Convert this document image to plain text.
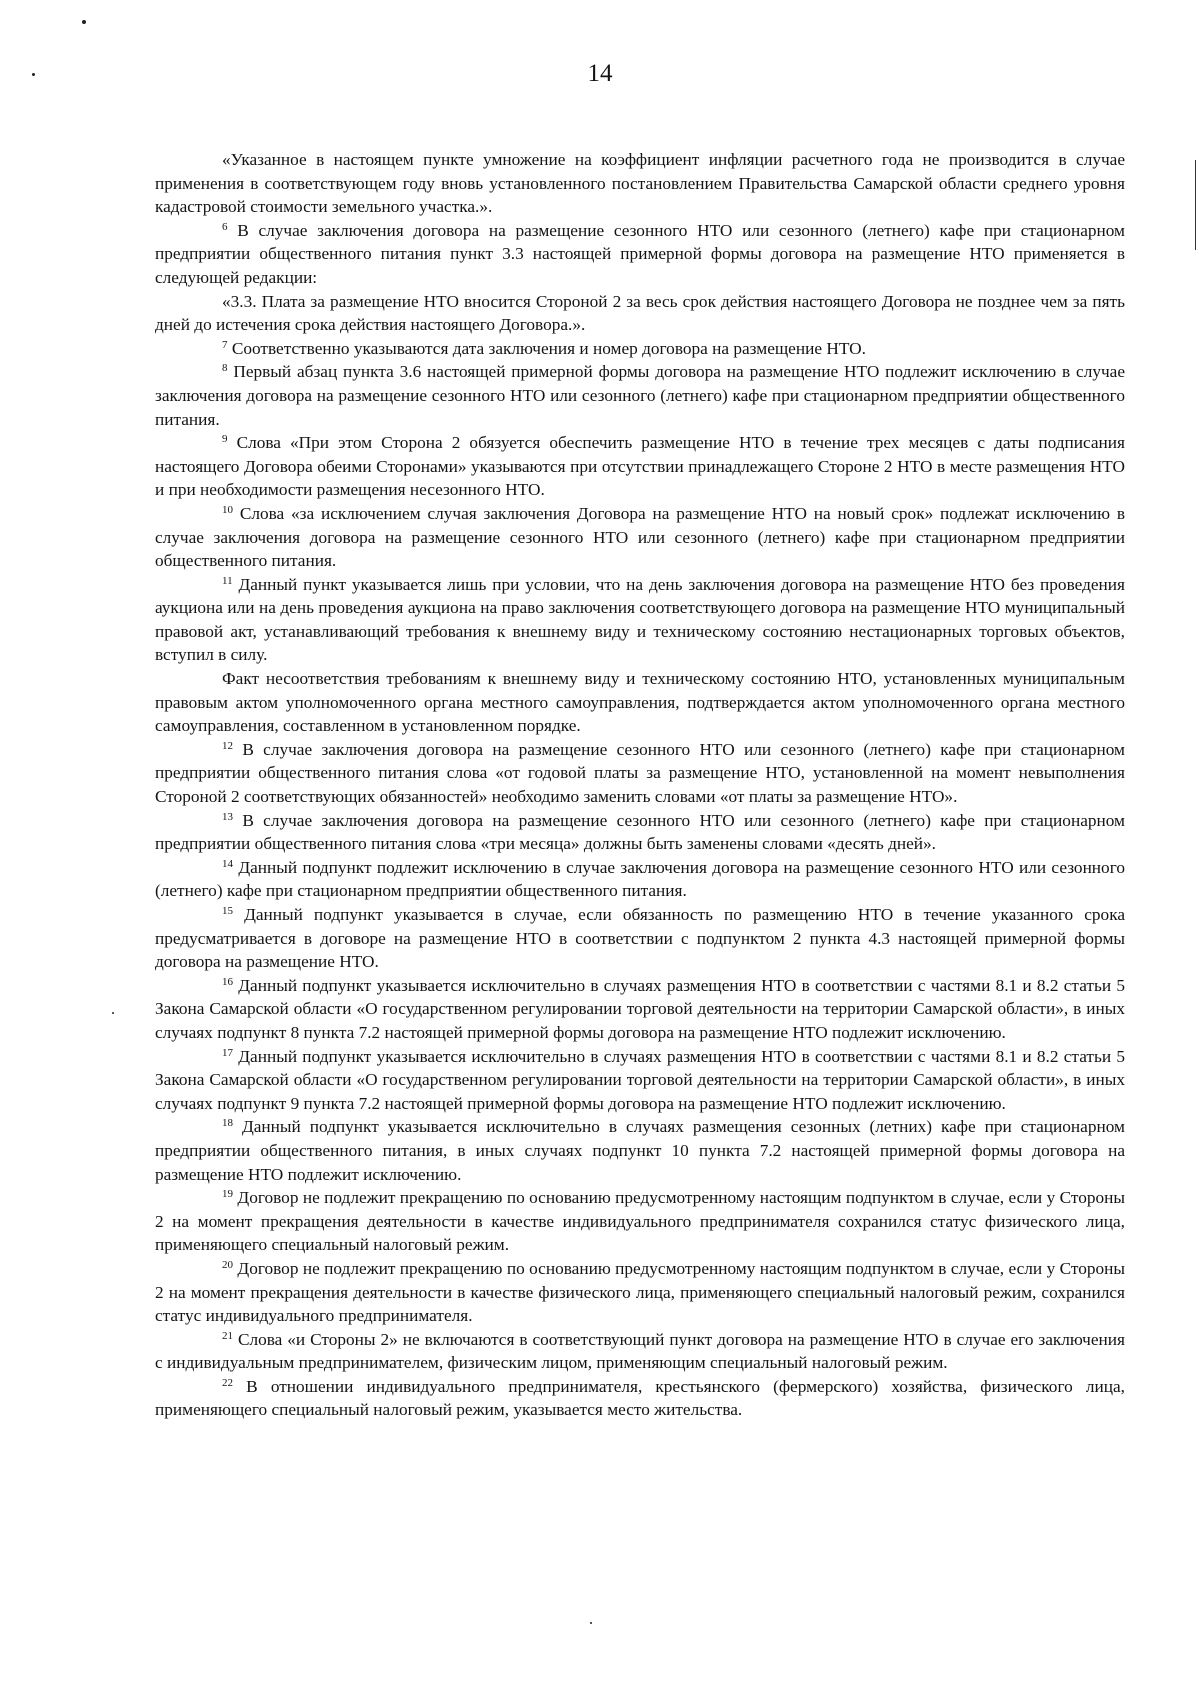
14

«Указанное в настоящем пункте умножение на коэффициент инфляции расчетного года не производится в случае применения в соответствующем году вновь установленного постановлением Правительства Самарской области среднего уровня кадастровой стоимости земельного участка.».

$^6$ В случае заключения договора на размещение сезонного НТО или сезонного (летнего) кафе при стационарном предприятии общественного питания пункт 3.3 настоящей примерной формы договора на размещение НТО применяется в следующей редакции:

«3.3. Плата за размещение НТО вносится Стороной 2 за весь срок действия настоящего Договора не позднее чем за пять дней до истечения срока действия настоящего Договора.».

$^7$ Соответственно указываются дата заключения и номер договора на размещение НТО.

$^8$ Первый абзац пункта 3.6 настоящей примерной формы договора на размещение НТО подлежит исключению в случае заключения договора на размещение сезонного НТО или сезонного (летнего) кафе при стационарном предприятии общественного питания.

$^9$ Слова «При этом Сторона 2 обязуется обеспечить размещение НТО в течение трех месяцев с даты подписания настоящего Договора обеими Сторонами» указываются при отсутствии принадлежащего Стороне 2 НТО в месте размещения НТО и при необходимости размещения несезонного НТО.

$^{10}$ Слова «за исключением случая заключения Договора на размещение НТО на новый срок» подлежат исключению в случае заключения договора на размещение сезонного НТО или сезонного (летнего) кафе при стационарном предприятии общественного питания.

$^{11}$ Данный пункт указывается лишь при условии, что на день заключения договора на размещение НТО без проведения аукциона или на день проведения аукциона на право заключения соответствующего договора на размещение НТО муниципальный правовой акт, устанавливающий требования к внешнему виду и техническому состоянию нестационарных торговых объектов, вступил в силу.

Факт несоответствия требованиям к внешнему виду и техническому состоянию НТО, установленных муниципальным правовым актом уполномоченного органа местного самоуправления, подтверждается актом уполномоченного органа местного самоуправления, составленном в установленном порядке.

$^{12}$ В случае заключения договора на размещение сезонного НТО или сезонного (летнего) кафе при стационарном предприятии общественного питания слова «от годовой платы за размещение НТО, установленной на момент невыполнения Стороной 2 соответствующих обязанностей» необходимо заменить словами «от платы за размещение НТО».

$^{13}$ В случае заключения договора на размещение сезонного НТО или сезонного (летнего) кафе при стационарном предприятии общественного питания слова «три месяца» должны быть заменены словами «десять дней».

$^{14}$ Данный подпункт подлежит исключению в случае заключения договора на размещение сезонного НТО или сезонного (летнего) кафе при стационарном предприятии общественного питания.

$^{15}$ Данный подпункт указывается в случае, если обязанность по размещению НТО в течение указанного срока предусматривается в договоре на размещение НТО в соответствии с подпунктом 2 пункта 4.3 настоящей примерной формы договора на размещение НТО.

$^{16}$ Данный подпункт указывается исключительно в случаях размещения НТО в соответствии с частями 8.1 и 8.2 статьи 5 Закона Самарской области «О государственном регулировании торговой деятельности на территории Самарской области», в иных случаях подпункт 8 пункта 7.2 настоящей примерной формы договора на размещение НТО подлежит исключению.

$^{17}$ Данный подпункт указывается исключительно в случаях размещения НТО в соответствии с частями 8.1 и 8.2 статьи 5 Закона Самарской области «О государственном регулировании торговой деятельности на территории Самарской области», в иных случаях подпункт 9 пункта 7.2 настоящей примерной формы договора на размещение НТО подлежит исключению.

$^{18}$ Данный подпункт указывается исключительно в случаях размещения сезонных (летних) кафе при стационарном предприятии общественного питания, в иных случаях подпункт 10 пункта 7.2 настоящей примерной формы договора на размещение НТО подлежит исключению.

$^{19}$ Договор не подлежит прекращению по основанию предусмотренному настоящим подпунктом в случае, если у Стороны 2 на момент прекращения деятельности в качестве индивидуального предпринимателя сохранился статус физического лица, применяющего специальный налоговый режим.

$^{20}$ Договор не подлежит прекращению по основанию предусмотренному настоящим подпунктом в случае, если у Стороны 2 на момент прекращения деятельности в качестве физического лица, применяющего специальный налоговый режим, сохранился статус индивидуального предпринимателя.

$^{21}$ Слова «и Стороны 2» не включаются в соответствующий пункт договора на размещение НТО в случае его заключения с индивидуальным предпринимателем, физическим лицом, применяющим специальный налоговый режим.

$^{22}$ В отношении индивидуального предпринимателя, крестьянского (фермерского) хозяйства, физического лица, применяющего специальный налоговый режим, указывается место жительства.
